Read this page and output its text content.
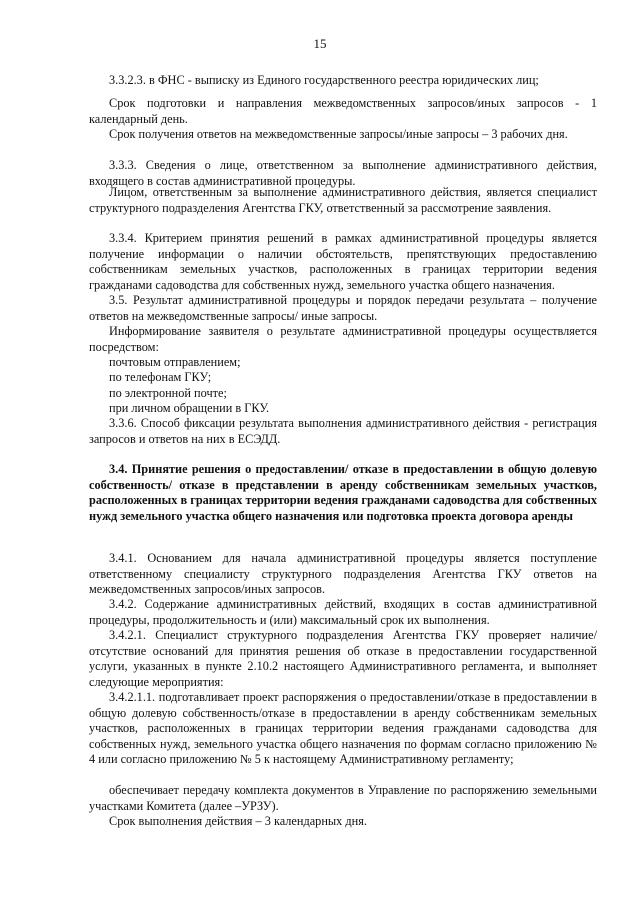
15
3.3.2.3. в ФНС - выписку из Единого государственного реестра юридических лиц;
Срок подготовки и направления межведомственных запросов/иных запросов - 1 календарный день.
Срок получения ответов на межведомственные запросы/иные запросы – 3 рабочих дня.
3.3.3. Сведения о лице, ответственном за выполнение административного действия, входящего в состав административной процедуры.
Лицом, ответственным за выполнение административного действия, является специалист структурного подразделения Агентства ГКУ, ответственный за рассмотрение заявления.
3.3.4. Критерием принятия решений в рамках административной процедуры является получение информации о наличии обстоятельств, препятствующих предоставлению собственникам земельных участков, расположенных в границах территории ведения гражданами садоводства для собственных нужд, земельного участка общего назначения.
3.5. Результат административной процедуры и порядок передачи результата – получение ответов на межведомственные запросы/ иные запросы.
Информирование заявителя о результате административной процедуры осуществляется посредством:
почтовым отправлением;
по телефонам ГКУ;
по электронной почте;
при личном обращении в ГКУ.
3.3.6. Способ фиксации результата выполнения административного действия - регистрация запросов и ответов на них в ЕСЭДД.
3.4. Принятие решения о предоставлении/ отказе в предоставлении в общую долевую собственность/ отказе в представлении в аренду собственникам земельных участков, расположенных в границах территории ведения гражданами садоводства для собственных нужд земельного участка общего назначения или подготовка проекта договора аренды
3.4.1. Основанием для начала административной процедуры является поступление ответственному специалисту структурного подразделения Агентства ГКУ ответов на межведомственных запросов/иных запросов.
3.4.2. Содержание административных действий, входящих в состав административной процедуры, продолжительность и (или) максимальный срок их выполнения.
3.4.2.1. Специалист структурного подразделения Агентства ГКУ проверяет наличие/отсутствие оснований для принятия решения об отказе в предоставлении государственной услуги, указанных в пункте 2.10.2 настоящего Административного регламента, и выполняет следующие мероприятия:
3.4.2.1.1. подготавливает проект распоряжения о предоставлении/отказе в предоставлении в общую долевую собственность/отказе в предоставлении в аренду собственникам земельных участков, расположенных в границах территории ведения гражданами садоводства для собственных нужд, земельного участка общего назначения по формам согласно приложению № 4 или согласно приложению № 5 к настоящему Административному регламенту;
обеспечивает передачу комплекта документов в Управление по распоряжению земельными участками Комитета (далее –УРЗУ).
Срок выполнения действия – 3 календарных дня.
